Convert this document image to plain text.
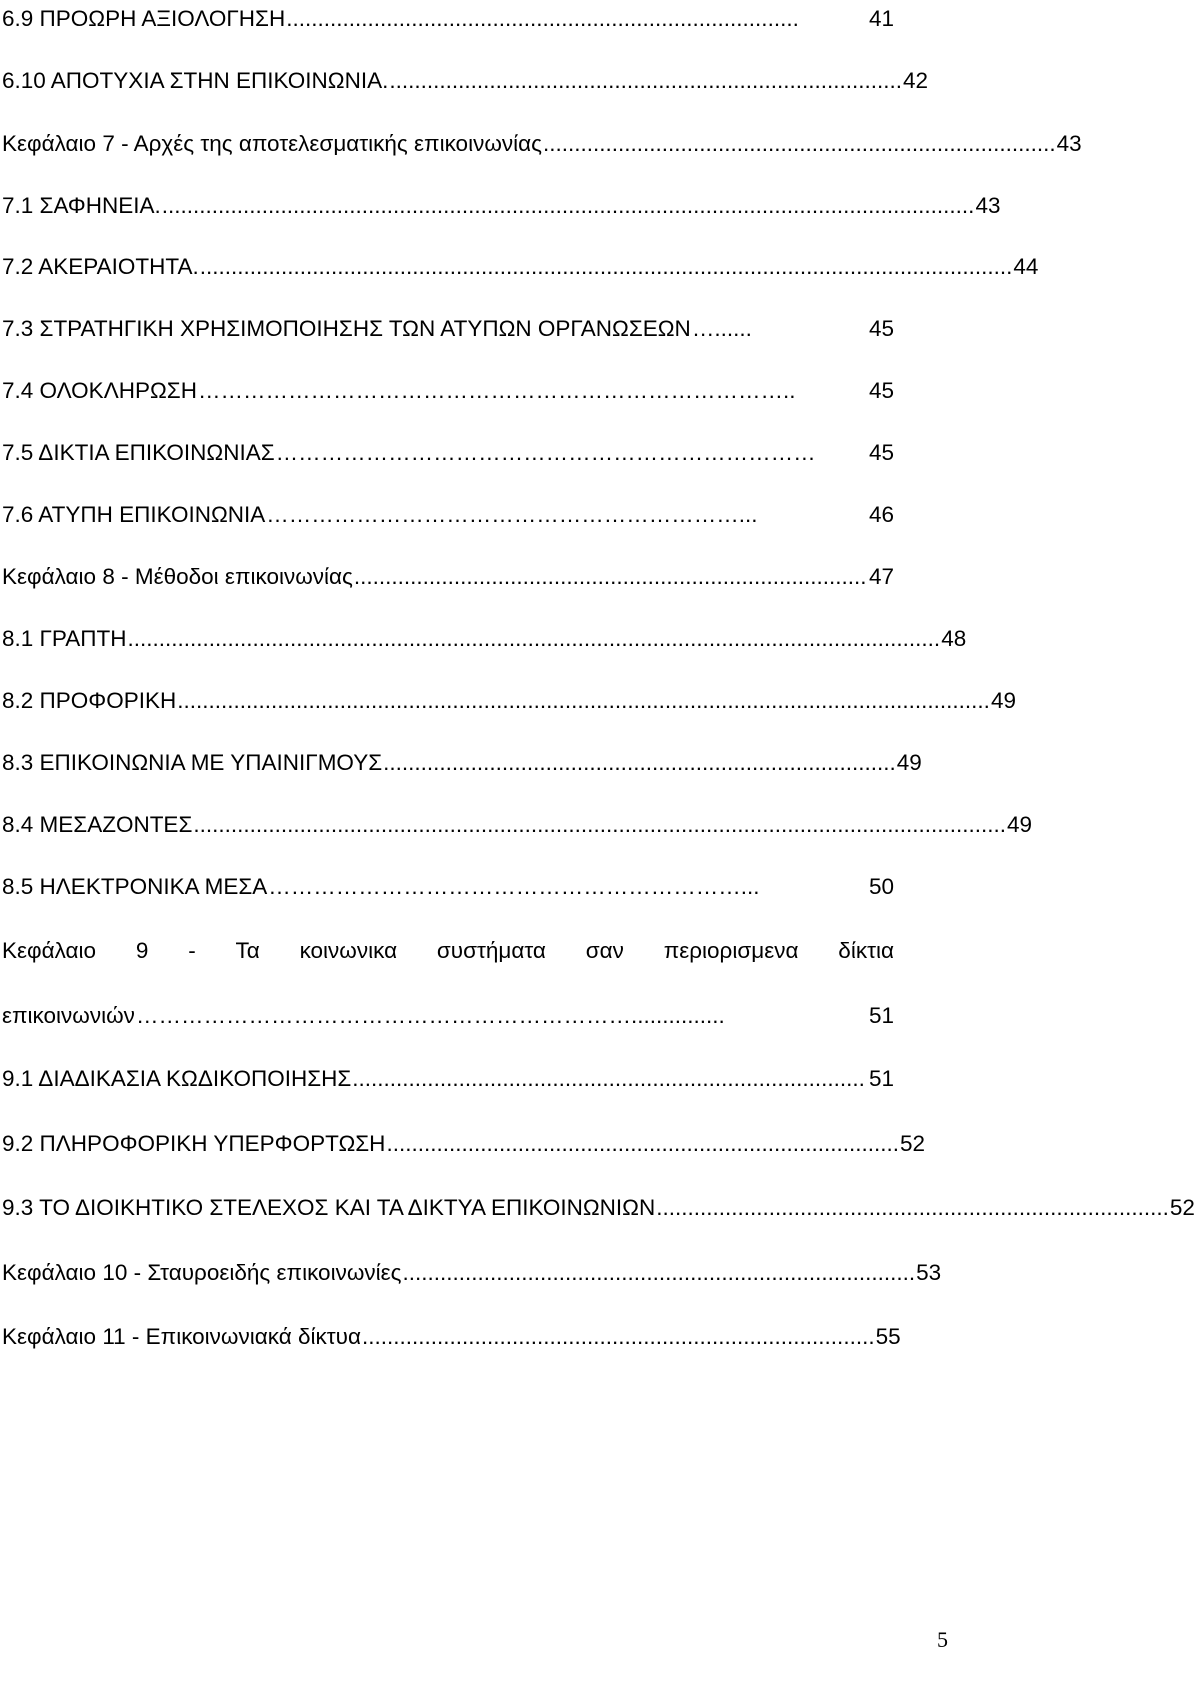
6.9 ΠΡΟΩΡΗ ΑΞΙΟΛΟΓΗΣΗ ..................................................................................	41
6.10 ΑΠΟΤΥΧΙΑ ΣΤΗΝ ΕΠΙΚΟΙΝΩΝΙΑ. .................................................................................. 42
Κεφάλαιο 7 - Αρχές της αποτελεσματικής επικοινωνίας .................................................................................. 43
7.1 ΣΑΦΗΝΕΙΑ. .................................................................................................................................. 43
7.2 ΑΚΕΡΑΙΟΤΗΤΑ. .................................................................................................................................. 44
7.3 ΣΤΡΑΤΗΓΙΚΗ ΧΡΗΣΙΜΟΠΟΙΗΣΗΣ ΤΩΝ ΑΤΥΠΩΝ ΟΡΓΑΝΩΣΕΩΝ …......	45
7.4 ΟΛΟΚΛΗΡΩΣΗ ……………………………………………………………………..	45
7.5 ΔΙΚΤΙΑ ΕΠΙΚΟΙΝΩΝΙΑΣ ………………………………………………………………	45
7.6 ΑΤΥΠΗ ΕΠΙΚΟΙΝΩΝΙΑ ………………………………………………………...	46
Κεφάλαιο 8 - Μέθοδοι επικοινωνίας .................................................................................. 47
8.1 ΓΡΑΠΤΗ .................................................................................................................................. 48
8.2 ΠΡΟΦΟΡΙΚΗ .................................................................................................................................. 49
8.3 ΕΠΙΚΟΙΝΩΝΙΑ ΜΕ ΥΠΑΙΝΙΓΜΟΥΣ .................................................................................. 49
8.4 ΜΕΣΑΖΟΝΤΕΣ .................................................................................................................................. 49
8.5 ΗΛΕΚΤΡΟΝΙΚΑ ΜΕΣΑ ………………………………………………………...	50
Κεφάλαιο 9 - Τα κοινωνικα συστήματα σαν περιορισμενα δίκτια
επικοινωνιών …………………………………………………………...............	51
9.1 ΔΙΑΔΙΚΑΣΙΑ ΚΩΔΙΚΟΠΟΙΗΣΗΣ .................................................................................. 51
9.2 ΠΛΗΡΟΦΟΡΙΚΗ ΥΠΕΡΦΟΡΤΩΣΗ .................................................................................. 52
9.3 ΤΟ ΔΙΟΙΚΗΤΙΚΟ ΣΤΕΛΕΧΟΣ ΚΑΙ ΤΑ ΔΙΚΤΥΑ ΕΠΙΚΟΙΝΩΝΙΩΝ .................................................................................. 52
Κεφάλαιο 10 - Σταυροειδής επικοινωνίες .................................................................................. 53
Κεφάλαιο 11 - Επικοινωνιακά δίκτυα .................................................................................. 55
5
